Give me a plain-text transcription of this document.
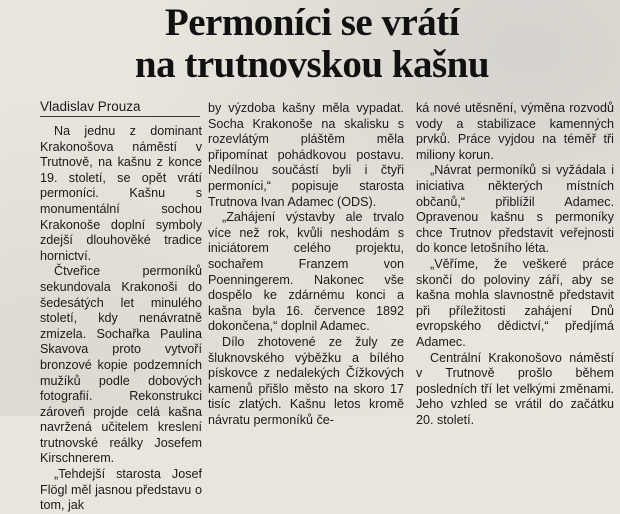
Permoníci se vrátí
na trutnovskou kašnu
Vladislav Prouza

Na jednu z dominant Krakonošova náměstí v Trutnově, na kašnu z konce 19. století, se opět vrátí permoníci. Kašnu s monumentální sochou Krakonoše doplní symboly zdejší dlouhověké tradice hornictví.

Čtveřice permoníků sekundovala Krakonoši do šedesátých let minulého století, kdy nenávratně zmizela. Sochařka Paulina Skavova proto vytvoří bronzové kopie podzemních mužíků podle dobových fotografií. Rekonstrukci zároveň projde celá kašna navržená učitelem kreslení trutnovské reálky Josefem Kirschnerem.

„Tehdejší starosta Josef Flögl měl jasnou představu o tom, jak

by výzdoba kašny měla vypadat. Socha Krakonoše na skalisku s rozevlátým pláštěm měla připomínat pohádkovou postavu. Nedílnou součástí byli i čtyři permoníci,“ popisuje starosta Trutnova Ivan Adamec (ODS).

„Zahájení výstavby ale trvalo více než rok, kvůli neshodám s iniciátorem celého projektu, sochařem Franzem von Poenningerem. Nakonec vše dospělo ke zdárnému konci a kašna byla 16. července 1892 dokončena,“ doplnil Adamec.

Dílo zhotovené ze žuly ze šluknovského výběžku a bílého pískovce z nedalekých Čížkových kamenů přišlo město na skoro 17 tisíc zlatých. Kašnu letos kromě návratu permoníků če-

ká nové utěsnění, výměna rozvodů vody a stabilizace kamenných prvků. Práce vyjdou na téměř tři miliony korun.

„Návrat permoníků si vyžádala i iniciativa některých místních občanů,“ přiblížil Adamec. Opravenou kašnu s permoníky chce Trutnov představit veřejnosti do konce letošního léta.

„Věříme, že veškeré práce skončí do poloviny září, aby se kašna mohla slavnostně představit při příležitosti zahájení Dnů evropského dědictví,“ předjímá Adamec.

Centrální Krakonošovo náměstí v Trutnově prošlo během posledních tří let velkými změnami. Jeho vzhled se vrátil do začátku 20. století.
